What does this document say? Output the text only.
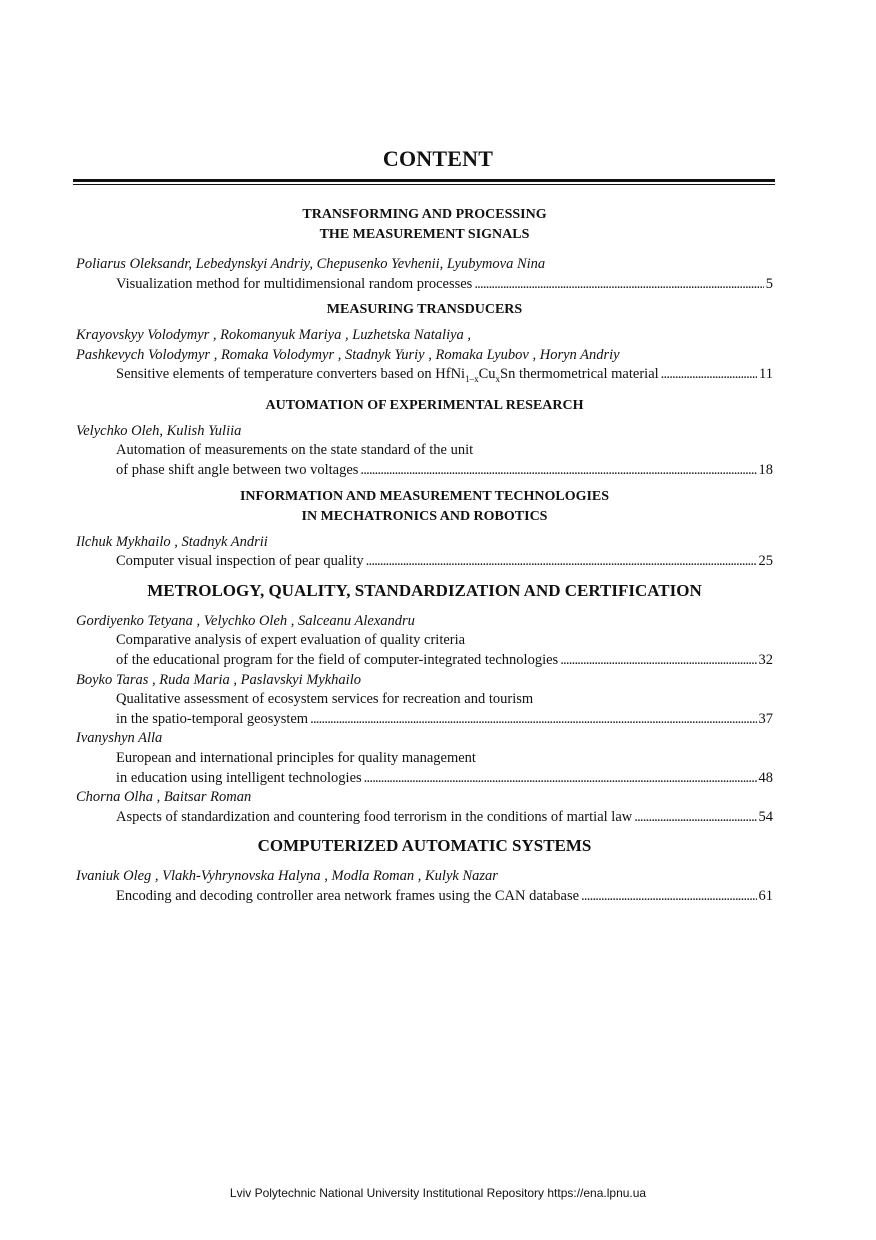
CONTENT
TRANSFORMING AND PROCESSING
THE MEASUREMENT SIGNALS
Poliarus Oleksandr, Lebedynskyi Andriy, Chepusenko Yevhenii, Lyubymova Nina
Visualization method for multidimensional random processes . . .	5
MEASURING TRANSDUCERS
Krayovskyy Volodymyr , Rokomanyuk Mariya , Luzhetska Nataliya ,
Pashkevych Volodymyr , Romaka Volodymyr , Stadnyk Yuriy , Romaka Lyubov , Horyn Andriy
Sensitive elements of temperature converters based on $HfNi_{1-x}Cu_xSn$ thermometrical material . . .	11
AUTOMATION OF EXPERIMENTAL RESEARCH
Velychko Oleh, Kulish Yuliia
Automation of measurements on the state standard of the unit
of phase shift angle between two voltages . . .	18
INFORMATION AND MEASUREMENT TECHNOLOGIES
IN MECHATRONICS AND ROBOTICS
Ilchuk Mykhailo , Stadnyk Andrii
Computer visual inspection of pear quality . . .	25
METROLOGY, QUALITY, STANDARDIZATION AND CERTIFICATION
Gordiyenko Tetyana , Velychko Oleh , Salceanu Alexandru
Comparative analysis of expert evaluation of quality criteria
of the educational program for the field of computer-integrated technologies . . .	32
Boyko Taras , Ruda Maria , Paslavskyi Mykhailo
Qualitative assessment of ecosystem services for recreation and tourism
in the spatio-temporal geosystem . . .	37
Ivanyshyn Alla
European and international principles for quality management
in education using intelligent technologies . . .	48
Chorna Olha , Baitsar Roman
Aspects of standardization and countering food terrorism in the conditions of martial law . . .	54
COMPUTERIZED AUTOMATIC SYSTEMS
Ivaniuk Oleg , Vlakh-Vyhrynovska Halyna , Modla Roman , Kulyk Nazar
Encoding and decoding controller area network frames using the CAN database . . .	61
Lviv Polytechnic National University Institutional Repository https://ena.lpnu.ua
